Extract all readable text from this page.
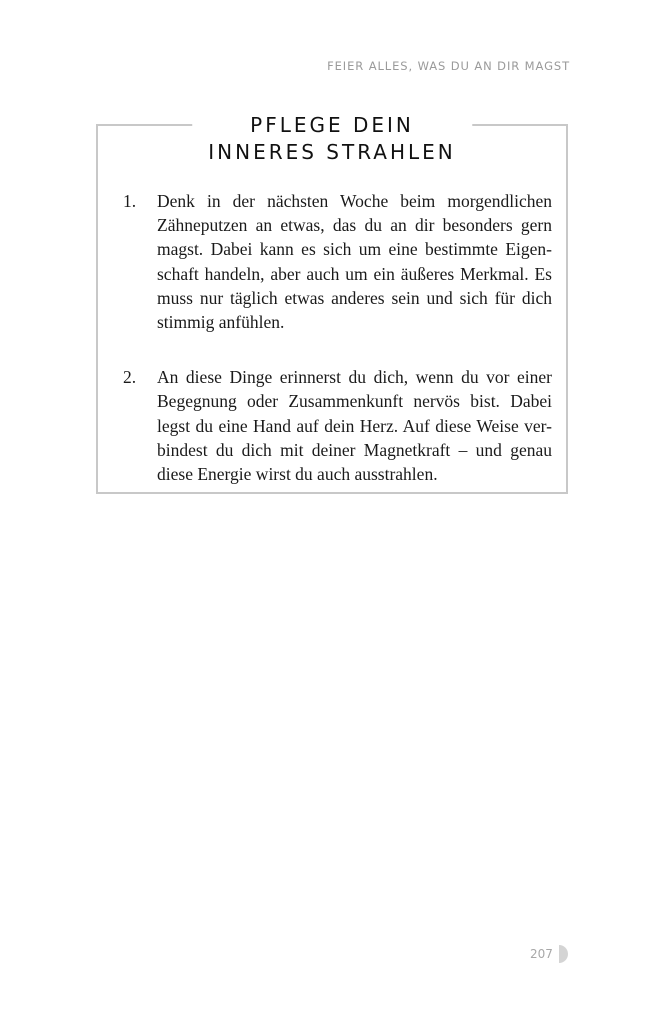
FEIER ALLES, WAS DU AN DIR MAGST
PFLEGE DEIN
INNERES STRAHLEN
1. Denk in der nächsten Woche beim morgendlichen
Zähneputzen an etwas, das du an dir besonders gern
magst. Dabei kann es sich um eine bestimmte Eigen-
schaft handeln, aber auch um ein äußeres Merkmal. Es
muss nur täglich etwas anderes sein und sich für dich
stimmig anfühlen.
2. An diese Dinge erinnerst du dich, wenn du vor einer
Begegnung oder Zusammenkunft nervös bist. Dabei
legst du eine Hand auf dein Herz. Auf diese Weise ver-
bindest du dich mit deiner Magnetkraft – und genau
diese Energie wirst du auch ausstrahlen.
207
